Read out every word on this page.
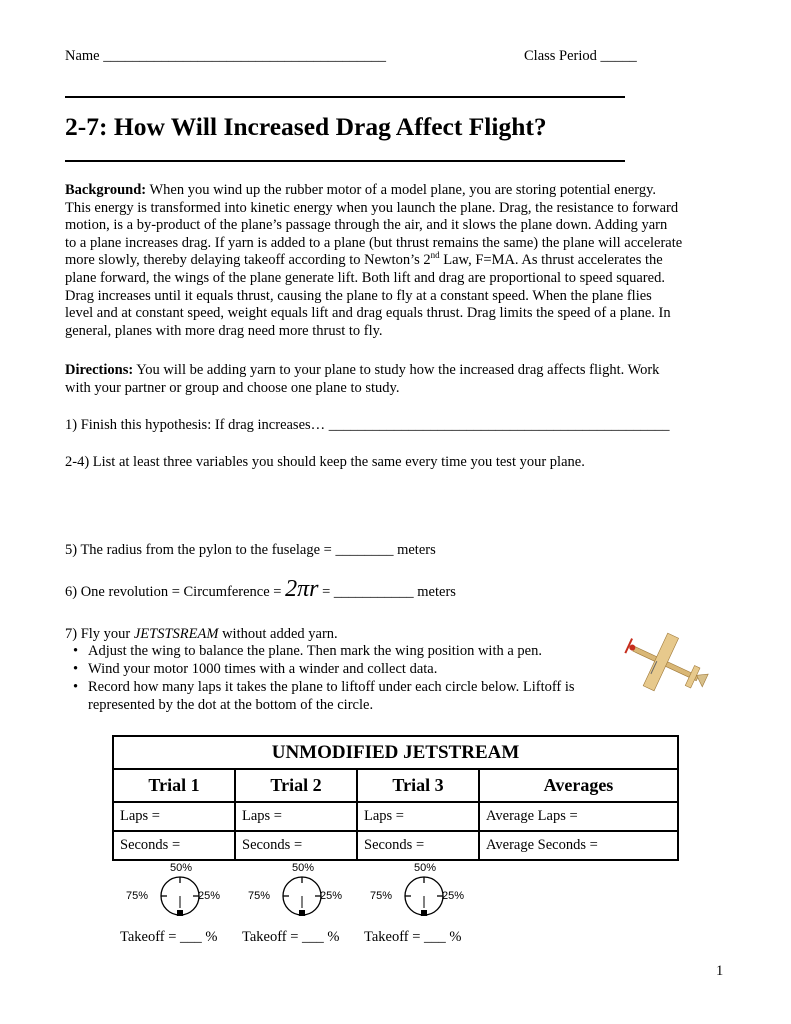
Name _______________________________________	Class Period _____
2-7: How Will Increased Drag Affect Flight?

Background: When you wind up the rubber motor of a model plane, you are storing potential energy.

This energy is transformed into kinetic energy when you launch the plane. Drag, the resistance to forward

motion, is a by-product of the plane’s passage through the air, and it slows the plane down. Adding yarn

to a plane increases drag. If yarn is added to a plane (but thrust remains the same) the plane will accelerate

more slowly, thereby delaying takeoff according to Newton’s 2nd Law, F=MA. As thrust accelerates the

plane forward, the wings of the plane generate lift. Both lift and drag are proportional to speed squared.

Drag increases until it equals thrust, causing the plane to fly at a constant speed. When the plane flies

level and at constant speed, weight equals lift and drag equals thrust. Drag limits the speed of a plane. In

general, planes with more drag need more thrust to fly.

Directions: You will be adding yarn to your plane to study how the increased drag affects flight. Work

with your partner or group and choose one plane to study.

1) Finish this hypothesis: If drag increases… _______________________________________________
2-4) List at least three variables you should keep the same every time you test your plane.
5) The radius from the pylon to the fuselage = ________ meters
6) One revolution = Circumference = 2πr = ___________ meters
7) Fly your JETSTSREAM without added yarn.
• Adjust the wing to balance the plane. Then mark the wing position with a pen.
• Wind your motor 1000 times with a winder and collect data.
• Record how many laps it takes the plane to liftoff under each circle below. Liftoff is represented by the dot at the bottom of the circle.
UNMODIFIED JETSTREAM			
Trial 1	Trial 2	Trial 3	Averages
Laps =	Laps =	Laps =	Average Laps =
Seconds =	Seconds =	Seconds =	Average Seconds =
50%
75%	25%
50%
75%	25%
50%
75%	25%
Takeoff = ___ % Takeoff = ___ % Takeoff = ___ %
1
